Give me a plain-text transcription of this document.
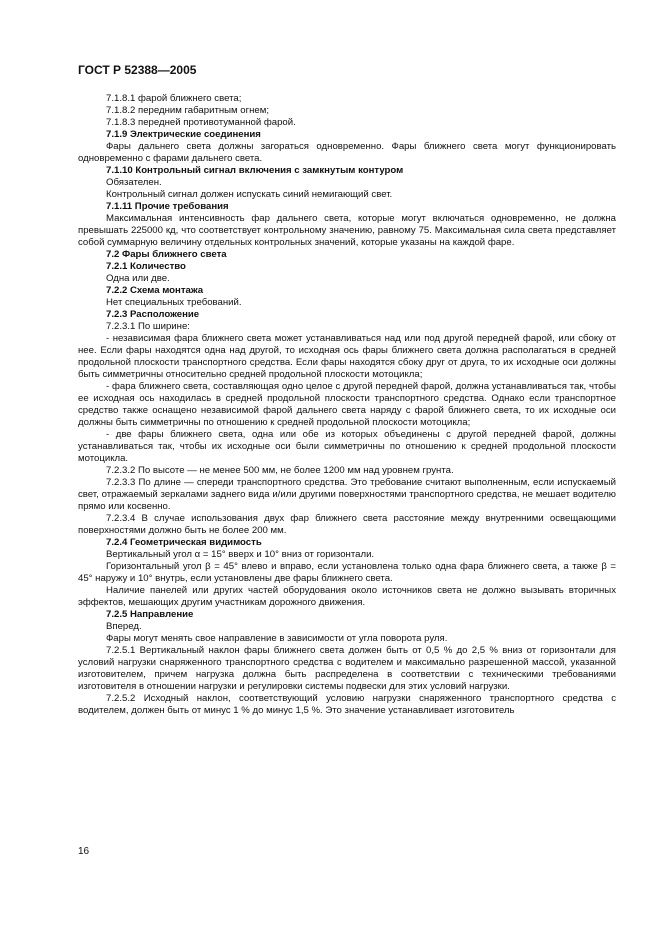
ГОСТ Р 52388—2005

7.1.8.1 фарой ближнего света;

7.1.8.2 передним габаритным огнем;

7.1.8.3 передней противотуманной фарой.

7.1.9 Электрические соединения

Фары дальнего света должны загораться одновременно. Фары ближнего света могут функционировать одновременно с фарами дальнего света.

7.1.10 Контрольный сигнал включения с замкнутым контуром

Обязателен.

Контрольный сигнал должен испускать синий немигающий свет.

7.1.11 Прочие требования

Максимальная интенсивность фар дальнего света, которые могут включаться одновременно, не должна превышать 225000 кд, что соответствует контрольному значению, равному 75. Максимальная сила света представляет собой суммарную величину отдельных контрольных значений, которые указаны на каждой фаре.

7.2 Фары ближнего света

7.2.1 Количество

Одна или две.

7.2.2 Схема монтажа

Нет специальных требований.

7.2.3 Расположение

7.2.3.1 По ширине:

- независимая фара ближнего света может устанавливаться над или под другой передней фарой, или сбоку от нее. Если фары находятся одна над другой, то исходная ось фары ближнего света должна располагаться в средней продольной плоскости транспортного средства. Если фары находятся сбоку друг от друга, то их исходные оси должны быть симметричны относительно средней продольной плоскости мотоцикла;

- фара ближнего света, составляющая одно целое с другой передней фарой, должна устанавливаться так, чтобы ее исходная ось находилась в средней продольной плоскости транспортного средства. Однако если транспортное средство также оснащено независимой фарой дальнего света наряду с фарой ближнего света, то их исходные оси должны быть симметричны по отношению к средней продольной плоскости мотоцикла;

- две фары ближнего света, одна или обе из которых объединены с другой передней фарой, должны устанавливаться так, чтобы их исходные оси были симметричны по отношению к средней продольной плоскости мотоцикла.

7.2.3.2 По высоте — не менее 500 мм, не более 1200 мм над уровнем грунта.

7.2.3.3 По длине — спереди транспортного средства. Это требование считают выполненным, если испускаемый свет, отражаемый зеркалами заднего вида и/или другими поверхностями транспортного средства, не мешает водителю прямо или косвенно.

7.2.3.4 В случае использования двух фар ближнего света расстояние между внутренними освещающими поверхностями должно быть не более 200 мм.

7.2.4 Геометрическая видимость

Вертикальный угол α = 15° вверх и 10° вниз от горизонтали.

Горизонтальный угол β = 45° влево и вправо, если установлена только одна фара ближнего света, а также β = 45° наружу и 10° внутрь, если установлены две фары ближнего света.

Наличие панелей или других частей оборудования около источников света не должно вызывать вторичных эффектов, мешающих другим участникам дорожного движения.

7.2.5 Направление

Вперед.

Фары могут менять свое направление в зависимости от угла поворота руля.

7.2.5.1 Вертикальный наклон фары ближнего света должен быть от 0,5 % до 2,5 % вниз от горизонтали для условий нагрузки снаряженного транспортного средства с водителем и максимально разрешенной массой, указанной изготовителем, причем нагрузка должна быть распределена в соответствии с техническими требованиями изготовителя в отношении нагрузки и регулировки системы подвески для этих условий нагрузки.

7.2.5.2 Исходный наклон, соответствующий условию нагрузки снаряженного транспортного средства с водителем, должен быть от минус 1 % до минус 1,5 %. Это значение устанавливает изготовитель

16
